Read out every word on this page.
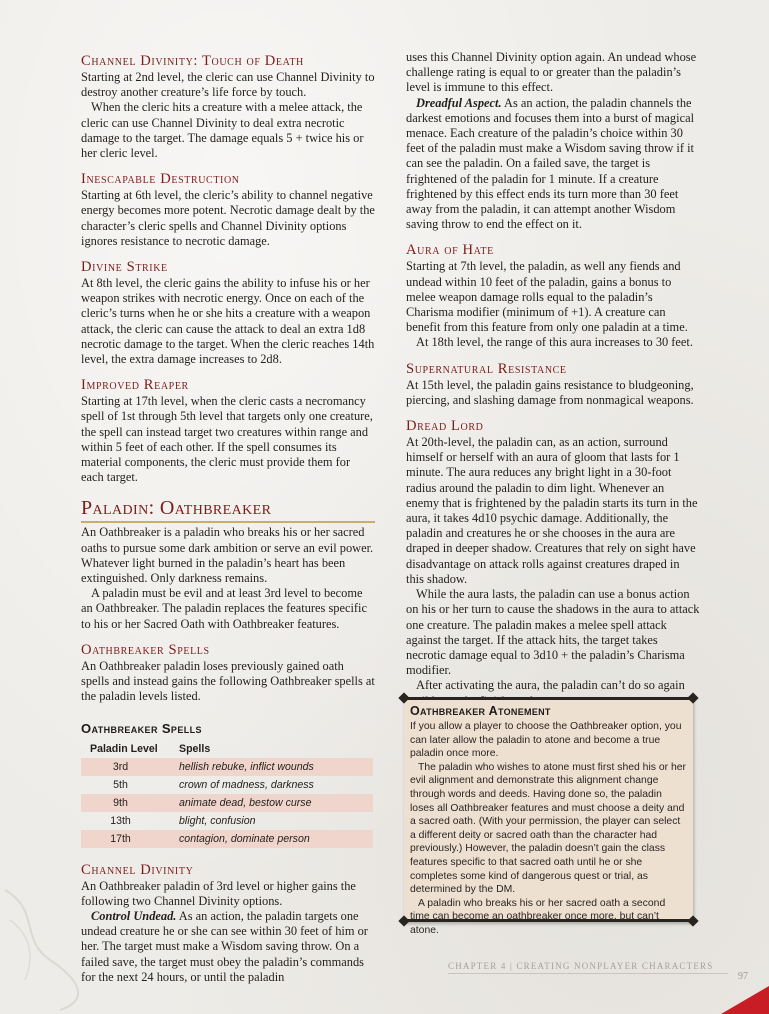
Channel Divinity: Touch of Death

Starting at 2nd level, the cleric can use Channel Divinity to destroy another creature’s life force by touch.

When the cleric hits a creature with a melee attack, the cleric can use Channel Divinity to deal extra necrotic damage to the target. The damage equals 5 + twice his or her cleric level.

Inescapable Destruction

Starting at 6th level, the cleric’s ability to channel negative energy becomes more potent. Necrotic damage dealt by the character’s cleric spells and Channel Divinity options ignores resistance to necrotic damage.

Divine Strike

At 8th level, the cleric gains the ability to infuse his or her weapon strikes with necrotic energy. Once on each of the cleric’s turns when he or she hits a creature with a weapon attack, the cleric can cause the attack to deal an extra 1d8 necrotic damage to the target. When the cleric reaches 14th level, the extra damage increases to 2d8.

Improved Reaper

Starting at 17th level, when the cleric casts a necromancy spell of 1st through 5th level that targets only one creature, the spell can instead target two creatures within range and within 5 feet of each other. If the spell consumes its material components, the cleric must provide them for each target.

Paladin: Oathbreaker

An Oathbreaker is a paladin who breaks his or her sacred oaths to pursue some dark ambition or serve an evil power. Whatever light burned in the paladin’s heart has been extinguished. Only darkness remains.

A paladin must be evil and at least 3rd level to become an Oathbreaker. The paladin replaces the features specific to his or her Sacred Oath with Oathbreaker features.

Oathbreaker Spells

An Oathbreaker paladin loses previously gained oath spells and instead gains the following Oathbreaker spells at the paladin levels listed.

Oathbreaker Spells
Paladin Level	Spells
3rd	hellish rebuke, inflict wounds
5th	crown of madness, darkness
9th	animate dead, bestow curse
13th	blight, confusion
17th	contagion, dominate person
Channel Divinity

An Oathbreaker paladin of 3rd level or higher gains the following two Channel Divinity options.

Control Undead. As an action, the paladin targets one undead creature he or she can see within 30 feet of him or her. The target must make a Wisdom saving throw. On a failed save, the target must obey the paladin’s commands for the next 24 hours, or until the paladin

uses this Channel Divinity option again. An undead whose challenge rating is equal to or greater than the paladin’s level is immune to this effect.

Dreadful Aspect. As an action, the paladin channels the darkest emotions and focuses them into a burst of magical menace. Each creature of the paladin’s choice within 30 feet of the paladin must make a Wisdom saving throw if it can see the paladin. On a failed save, the target is frightened of the paladin for 1 minute. If a creature frightened by this effect ends its turn more than 30 feet away from the paladin, it can attempt another Wisdom saving throw to end the effect on it.

Aura of Hate

Starting at 7th level, the paladin, as well any fiends and undead within 10 feet of the paladin, gains a bonus to melee weapon damage rolls equal to the paladin’s Charisma modifier (minimum of +1). A creature can benefit from this feature from only one paladin at a time.

At 18th level, the range of this aura increases to 30 feet.

Supernatural Resistance

At 15th level, the paladin gains resistance to bludgeoning, piercing, and slashing damage from nonmagical weapons.

Dread Lord

At 20th-level, the paladin can, as an action, surround himself or herself with an aura of gloom that lasts for 1 minute. The aura reduces any bright light in a 30-foot radius around the paladin to dim light. Whenever an enemy that is frightened by the paladin starts its turn in the aura, it takes 4d10 psychic damage. Additionally, the paladin and creatures he or she chooses in the aura are draped in deeper shadow. Creatures that rely on sight have disadvantage on attack rolls against creatures draped in this shadow.

While the aura lasts, the paladin can use a bonus action on his or her turn to cause the shadows in the aura to attack one creature. The paladin makes a melee spell attack against the target. If the attack hits, the target takes necrotic damage equal to 3d10 + the paladin’s Charisma modifier.

After activating the aura, the paladin can’t do so again

Oathbreaker Atonement

If you allow a player to choose the Oathbreaker option, you can later allow the paladin to atone and become a true paladin once more.

The paladin who wishes to atone must first shed his or her evil alignment and demonstrate this alignment change through words and deeds. Having done so, the paladin loses all Oathbreaker features and must choose a deity and a sacred oath. (With your permission, the player can select a different deity or sacred oath than the character had previously.) However, the paladin doesn’t gain the class features specific to that sacred oath until he or she completes some kind of dangerous quest or trial, as determined by the DM.

A paladin who breaks his or her sacred oath a second time can become an oathbreaker once more, but can’t atone.

CHAPTER 4 | CREATING NONPLAYER CHARACTERS
97
